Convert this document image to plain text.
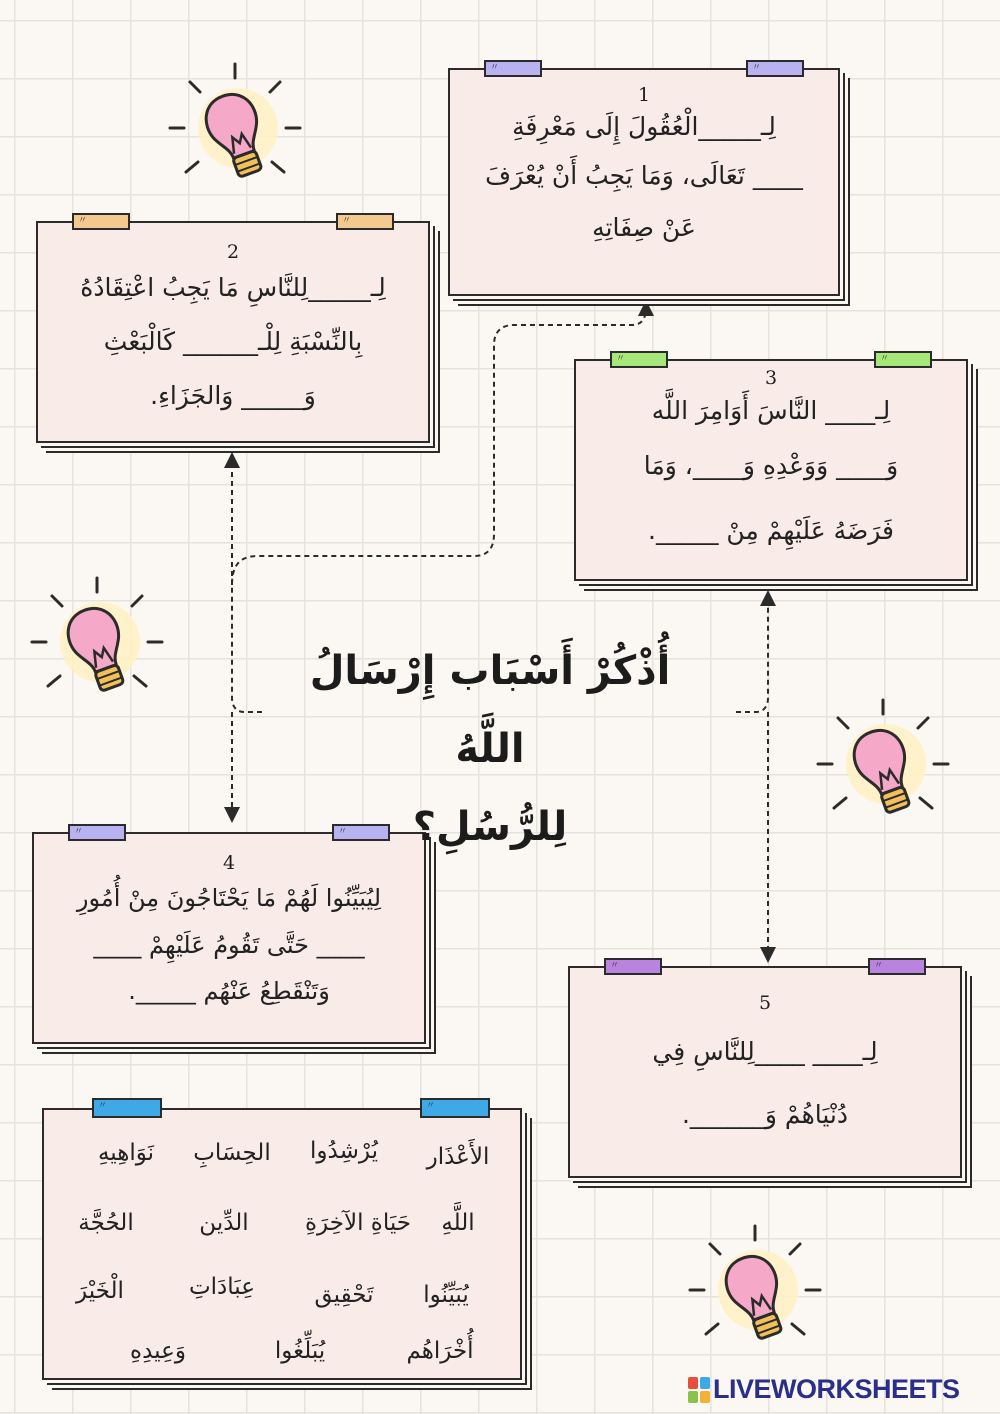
〃	〃
1
لِـ_____الْعُقُولَ إِلَى مَعْرِفَةِ
____ تَعَالَى، وَمَا يَجِبُ أَنْ يُعْرَفَ
عَنْ صِفَاتِهِ
〃	〃
2
لِـ_____لِلنَّاسِ مَا يَجِبُ اعْتِقَادُهُ
بِالنِّسْبَةِ لِلْـ______ كَالْبَعْثِ
وَ_____ وَالجَزَاءِ.
〃	〃
3
لِـ____ النَّاسَ أَوَامِرَ اللَّه
وَ____ وَوَعْدِهِ وَ____، وَمَا
فَرَضَهُ عَلَيْهِمْ مِنْ _____.
〃	〃
4
لِيُبَيِّنُوا لَهُمْ مَا يَحْتَاجُونَ مِنْ أُمُورِ
____ حَتَّى تَقُومُ عَلَيْهِمْ ____
وَتَنْقَطِعُ عَنْهُم _____.
〃	〃
5
لِـ____ ____لِلنَّاسِ فِي
دُنْيَاهُمْ وَ______.
أُذْكُرْ أَسْبَاب إِرْسَالُ اللَّهُ
لِلرُّسُلِ؟
〃	〃
الأَعْذَار
يُرْشِدُوا
الحِسَابِ
نَوَاهِيهِ
اللَّهِ
حَيَاةِ الآخِرَةِ
الدِّين
الحُجَّة
يُبَيِّنُوا
تَحْقِيق
عِبَادَاتِ
الْخَيْرَ
أُخْرَاهُم
يُبَلِّغُوا
وَعِيدِهِ
LIVEWORKSHEETS
